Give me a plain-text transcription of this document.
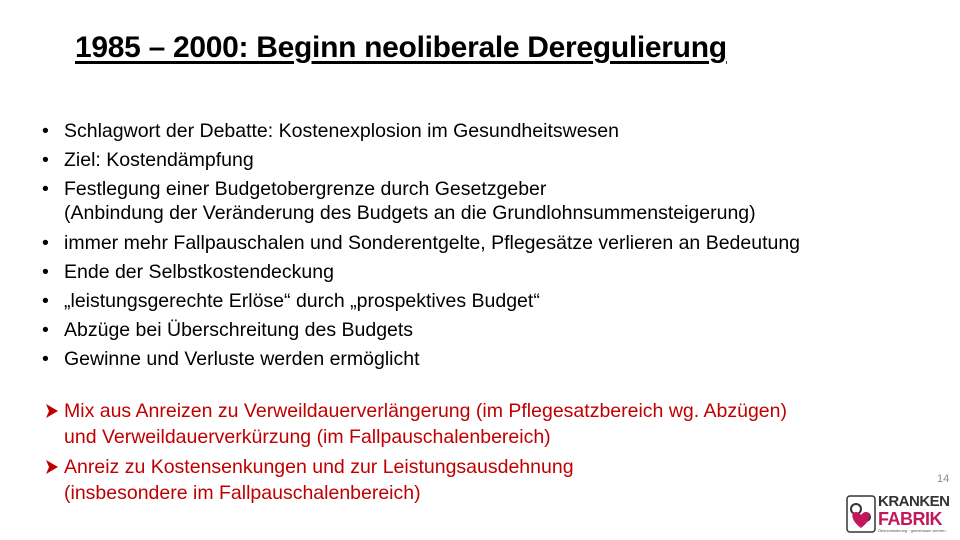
1985 – 2000: Beginn neoliberale Deregulierung
• Schlagwort der Debatte: Kostenexplosion im Gesundheitswesen
• Ziel: Kostendämpfung
• Festlegung einer Budgetobergrenze durch Gesetzgeber
(Anbindung der Veränderung des Budgets an die Grundlohnsummensteigerung)
• immer mehr Fallpauschalen und Sonderentgelte, Pflegesätze verlieren an Bedeutung
• Ende der Selbstkostendeckung
• „leistungsgerechte Erlöse“ durch „prospektives Budget“
• Abzüge bei Überschreitung des Budgets
• Gewinne und Verluste werden ermöglicht
Mix aus Anreizen zu Verweildauerverlängerung (im Pflegesatzbereich wg. Abzügen)
und Verweildauerverkürzung (im Fallpauschalenbereich)
Anreiz zu Kostensenkungen und zur Leistungsausdehnung
(insbesondere im Fallpauschalenbereich)
14
KRANKEN
FABRIK
Ökonomisierung · gemeinsam wehren
